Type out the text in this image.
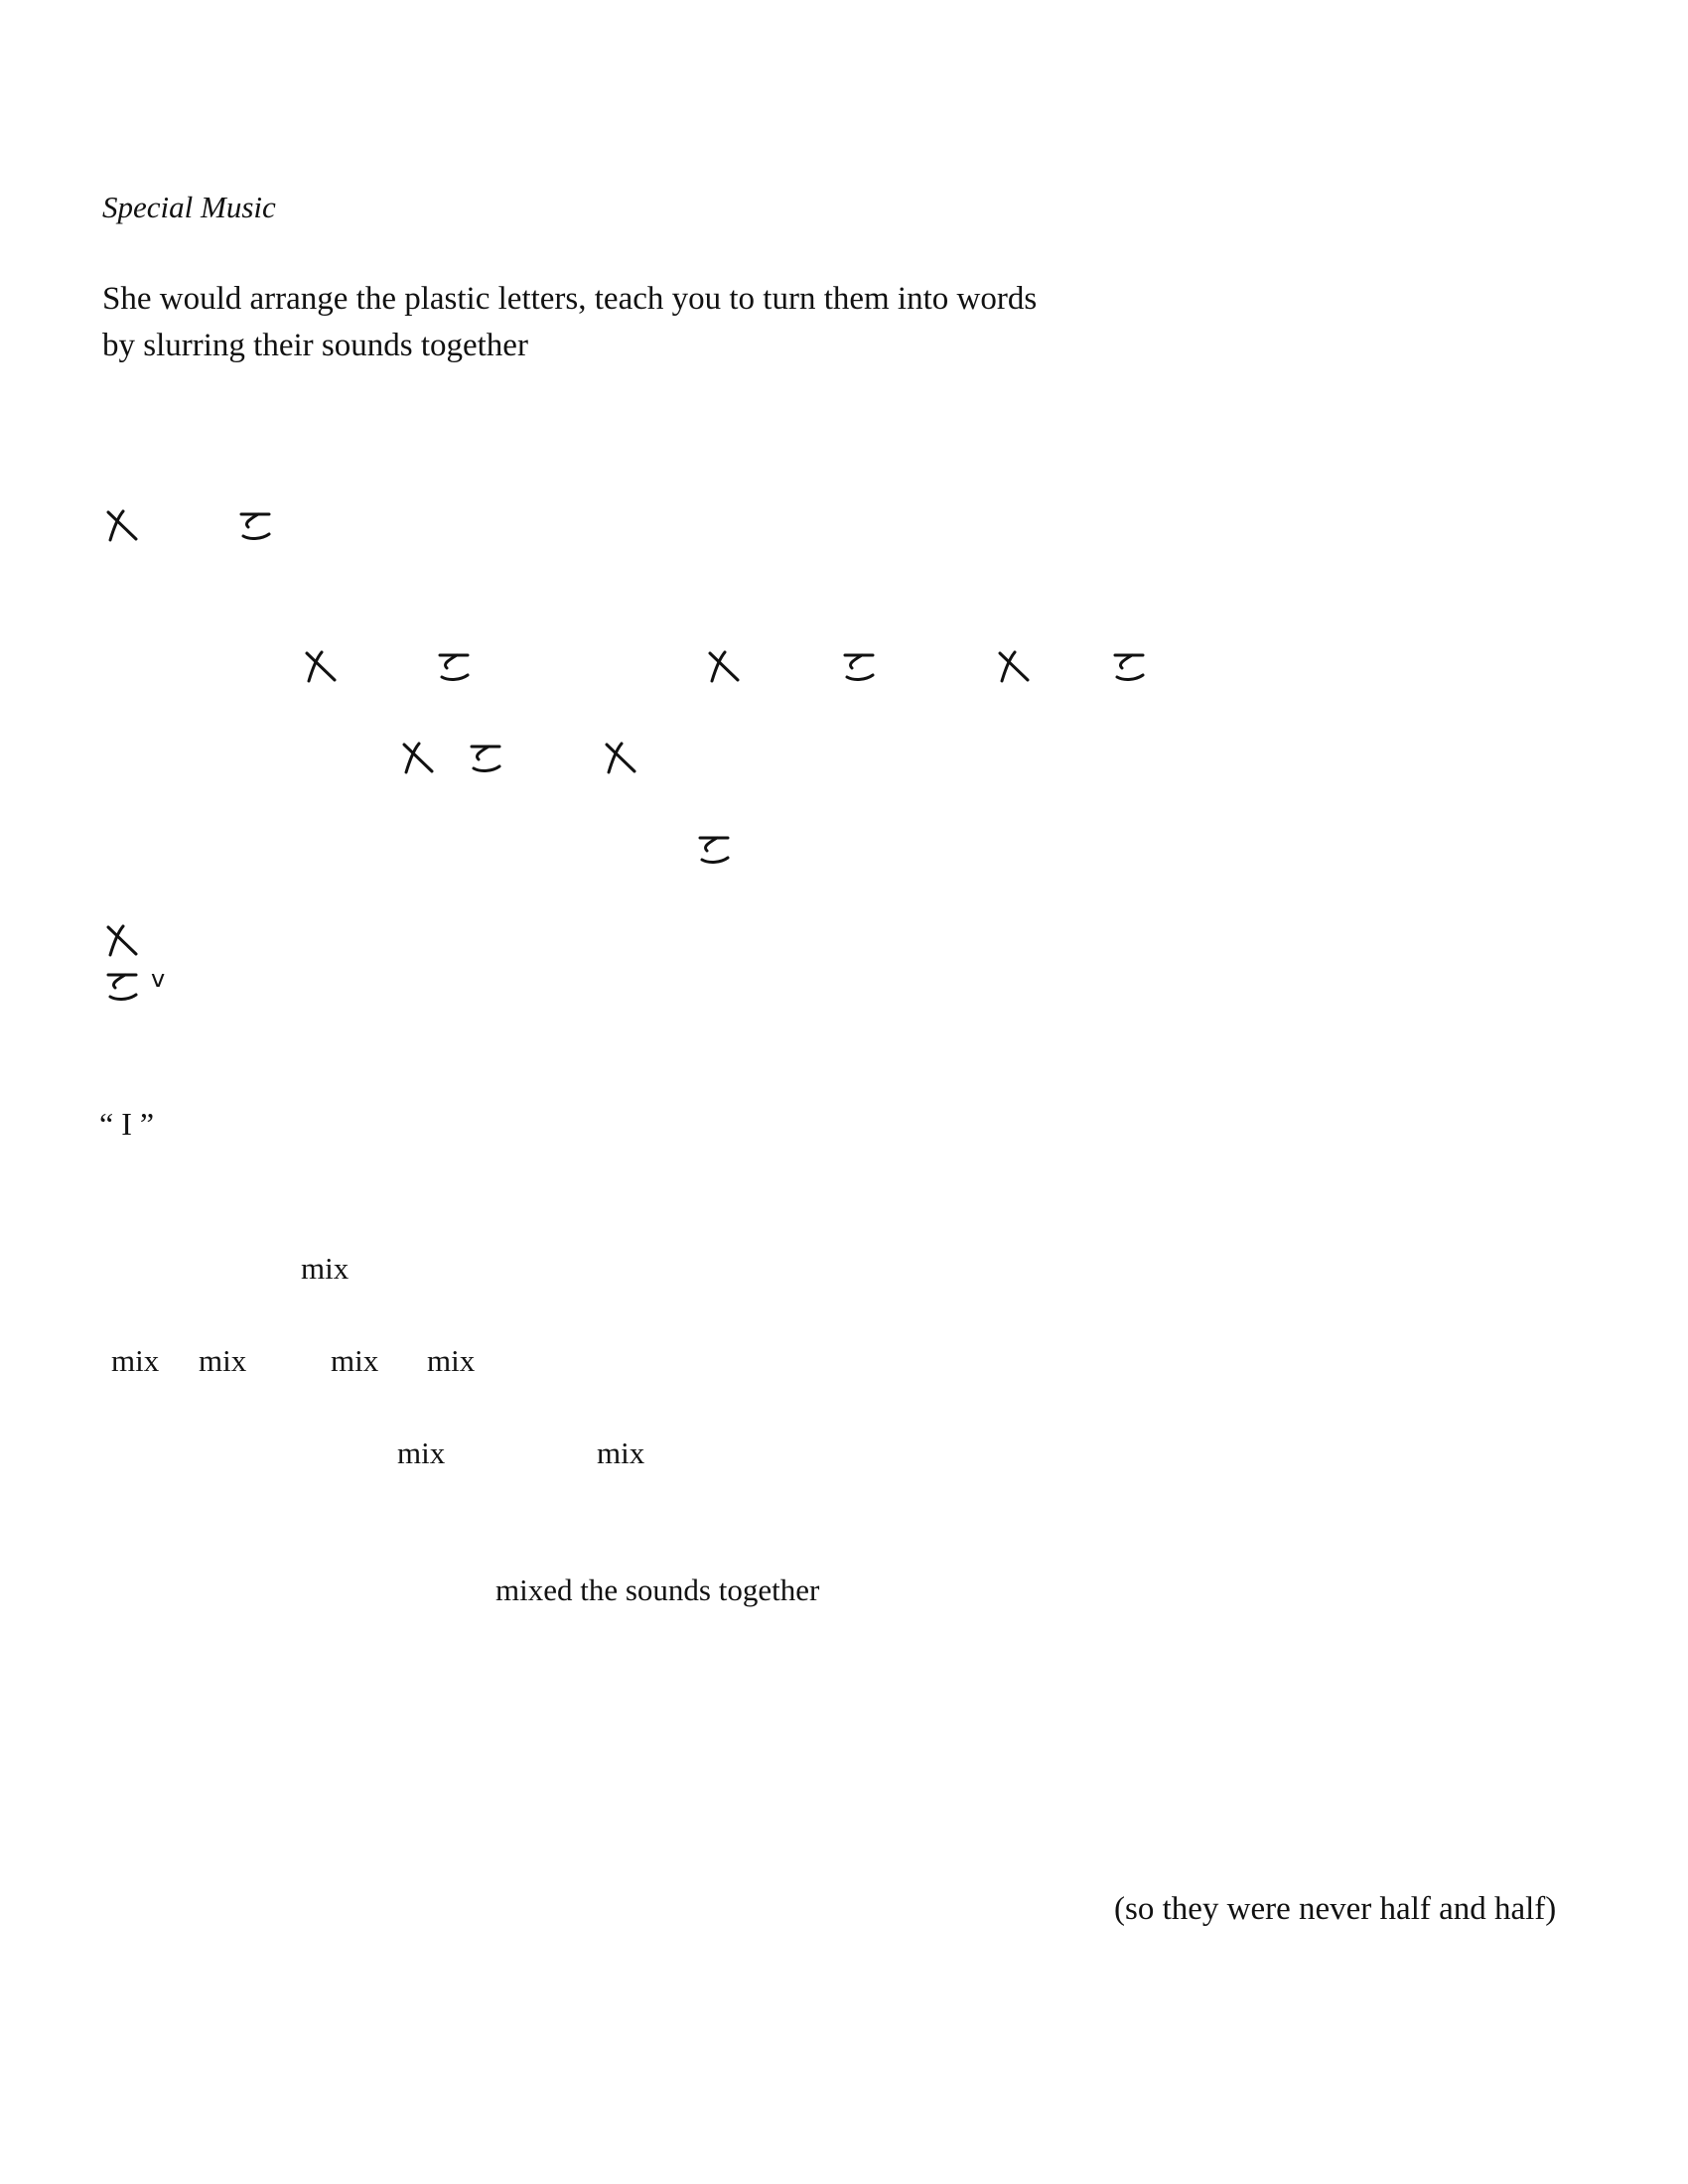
Special Music
She would arrange the plastic letters, teach you to turn them into words
by slurring their sounds together
v
“ I ”
mix
mix mix	mix mix
mix	mix
mixed the sounds together
(so they were never half and half)
